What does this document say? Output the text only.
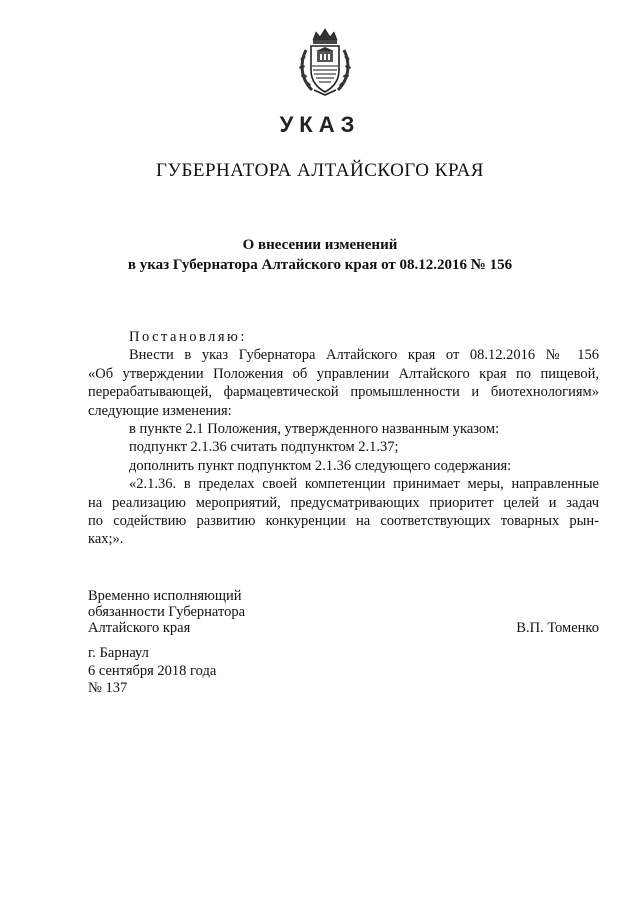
УКАЗ
ГУБЕРНАТОРА АЛТАЙСКОГО КРАЯ
О внесении изменений
в указ Губернатора Алтайского края от 08.12.2016 № 156
Постановляю:
Внести в указ Губернатора Алтайского края от 08.12.2016 № 156
«Об утверждении Положения об управлении Алтайского края по пищевой,
перерабатывающей, фармацевтической промышленности и биотехнологиям»
следующие изменения:
в пункте 2.1 Положения, утвержденного названным указом:
подпункт 2.1.36 считать подпунктом 2.1.37;
дополнить пункт подпунктом 2.1.36 следующего содержания:
«2.1.36. в пределах своей компетенции принимает меры, направленные
на реализацию мероприятий, предусматривающих приоритет целей и задач
по содействию развитию конкуренции на соответствующих товарных рын-
ках;».
Временно исполняющий
обязанности Губернатора
Алтайского края	В.П. Томенко
г. Барнаул
6 сентября 2018 года
№ 137
